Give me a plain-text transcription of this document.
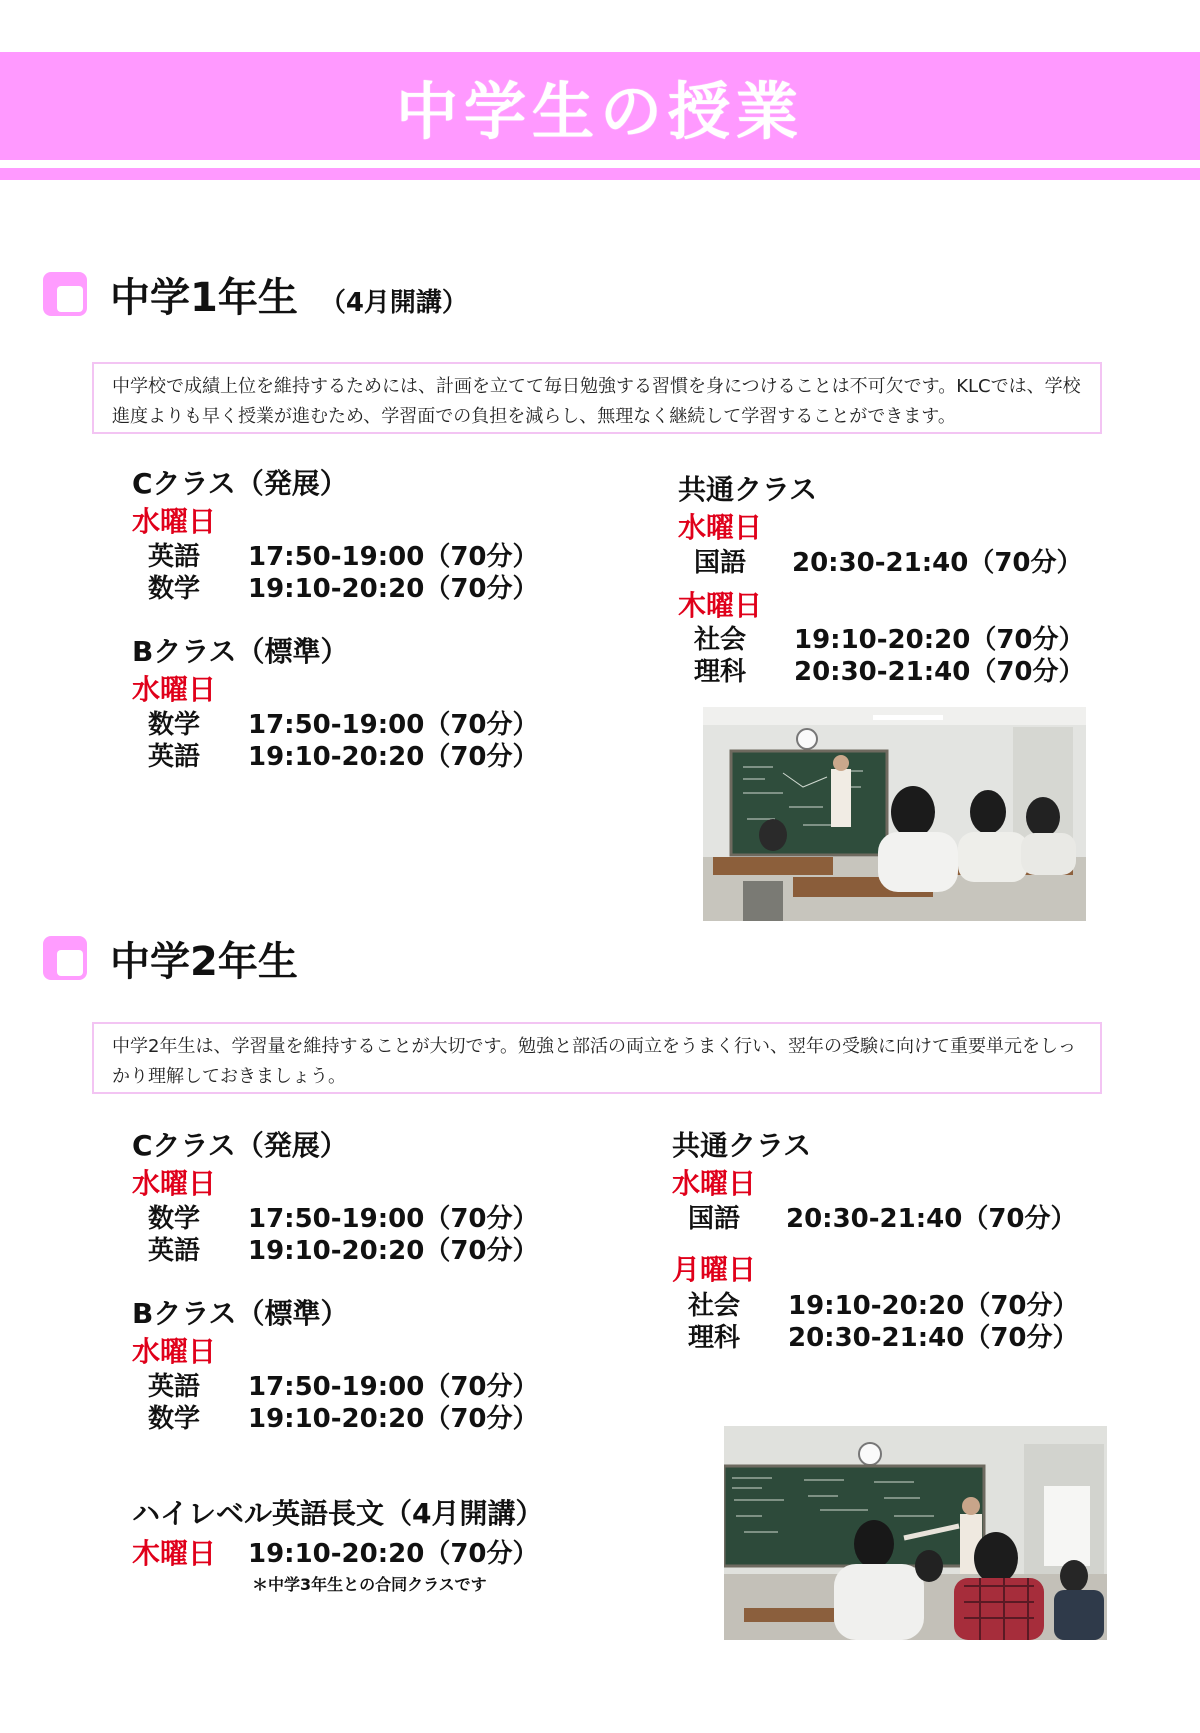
中学生の授業
中学1年生 （4月開講）
中学校で成績上位を維持するためには、計画を立てて毎日勉強する習慣を身につけることは不可欠です。KLCでは、学校進度よりも早く授業が進むため、学習面での負担を減らし、無理なく継続して学習することができます。
Cクラス（発展）
水曜日
英語 17:50-19:00（70分）
数学 19:10-20:20（70分）
Bクラス（標準）
水曜日
数学 17:50-19:00（70分）
英語 19:10-20:20（70分）
共通クラス
水曜日
国語 20:30-21:40（70分）
木曜日
社会 19:10-20:20（70分）
理科 20:30-21:40（70分）
中学2年生
中学2年生は、学習量を維持することが大切です。勉強と部活の両立をうまく行い、翌年の受験に向けて重要単元をしっかり理解しておきましょう。
Cクラス（発展）
水曜日
数学 17:50-19:00（70分）
英語 19:10-20:20（70分）
Bクラス（標準）
水曜日
英語 17:50-19:00（70分）
数学 19:10-20:20（70分）
ハイレベル英語長文（4月開講）
木曜日 19:10-20:20（70分）
＊中学3年生との合同クラスです
共通クラス
水曜日
国語 20:30-21:40（70分）
月曜日
社会 19:10-20:20（70分）
理科 20:30-21:40（70分）
